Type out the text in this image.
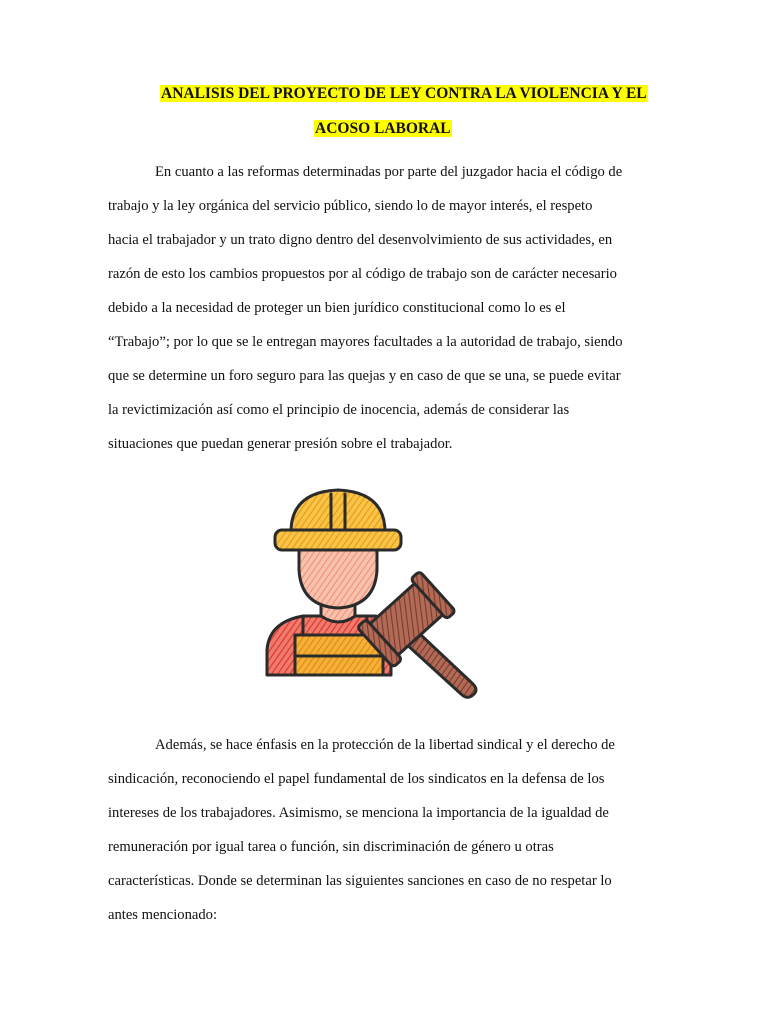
ANALISIS DEL PROYECTO DE LEY CONTRA LA VIOLENCIA Y EL
ACOSO LABORAL
En cuanto a las reformas determinadas por parte del juzgador hacia el código de
trabajo y la ley orgánica del servicio público, siendo lo de mayor interés, el respeto
hacia el trabajador y un trato digno dentro del desenvolvimiento de sus actividades, en
razón de esto los cambios propuestos por al código de trabajo son de carácter necesario
debido a la necesidad de proteger un bien jurídico constitucional como lo es el
“Trabajo”; por lo que se le entregan mayores facultades a la autoridad de trabajo, siendo
que se determine un foro seguro para las quejas y en caso de que se una, se puede evitar
la revictimización así como el principio de inocencia, además de considerar las
situaciones que puedan generar presión sobre el trabajador.
Además, se hace énfasis en la protección de la libertad sindical y el derecho de
sindicación, reconociendo el papel fundamental de los sindicatos en la defensa de los
intereses de los trabajadores. Asimismo, se menciona la importancia de la igualdad de
remuneración por igual tarea o función, sin discriminación de género u otras
características. Donde se determinan las siguientes sanciones en caso de no respetar lo
antes mencionado:
